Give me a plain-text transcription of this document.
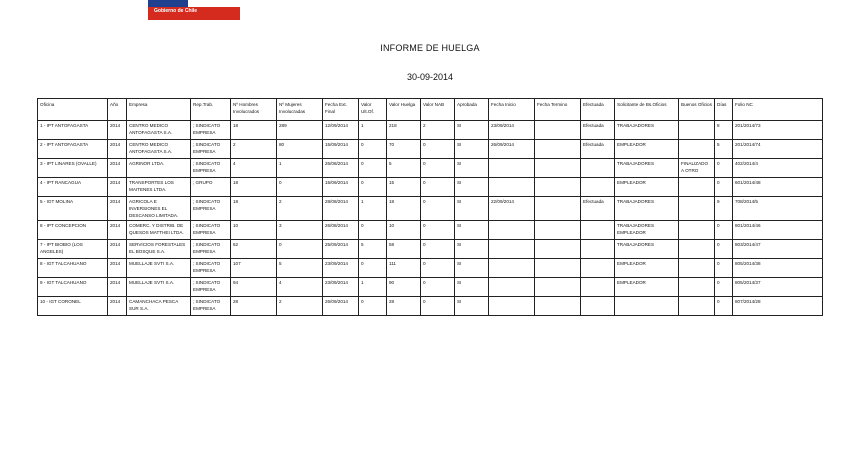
Gobierno de Chile
INFORME DE HUELGA
30-09-2014
Oficina	Año	Empresa	Rep.Trab.	Nº Hombres Involucrados	Nº Mujeres Involucradas	Fecha Ext. Final	Valor Ult.Of.	Valor Huelga	Valor NAB	Aprobada	Fecha Inicio	Fecha Termino	Efectuada	Solicitante de Bs.Oficios	Buenos Oficios	Días	Folio NC
1 - IPT ANTOFAGASTA	2014	CENTRO MEDICO ANTOFAGASTA S.A.	; SINDICATO EMPRESA	18	289	12/09/2014	1	218	2	SI	23/09/2014		Efectuada	TRABAJADORES		8	201/2014/73
2 - IPT ANTOFAGASTA	2014	CENTRO MEDICO ANTOFAGASTA S.A.	; SINDICATO EMPRESA	2	80	15/09/2014	0	70	0	SI	26/09/2014		Efectuada	EMPLEADOR		5	201/2014/74
3 - IPT LINARES (OVALLE)	2014	AGRINOR LTDA.	; SINDICATO EMPRESA	4	1	26/08/2014	0	5	0	SI				TRABAJADORES	FINALIZADO A OTRO	0	402/2014/4
4 - IPT RANCAGUA	2014	TRANSPORTES LOS MAITENES LTDA.	; GRUPO	18	0	15/09/2014	0	15	0	SI				EMPLEADOR		0	601/2014/48
5 - IGT MOLINA	2014	AGRICOLA E INVERSIONES EL DESCANSO LIMITADA.	; SINDICATO EMPRESA	18	2	28/08/2014	1	18	0	SI	22/09/2014		Efectuada	TRABAJADORES		9	708/2014/5
8 - IPT CONCEPCION	2014	COMERC. Y DISTRIB. DE QUESOS MATTHEI LTDA.	; SINDICATO EMPRESA	10	3	26/08/2014	0	10	0	SI				TRABAJADORES EMPLEADOR		0	801/2014/46
7 - IPT BIOBIO (LOS ANGELES)	2014	SERVICIOS FORESTALES EL BOSQUE S.A.	; SINDICATO EMPRESA	62	0	25/09/2014	5	58	0	SI				TRABAJADORES		0	803/2014/47
8 - IGT TALCAHUANO	2014	MUELLAJE SVTI S.A.	; SINDICATO EMPRESA	107	5	23/09/2014	0	111	0	SI				EMPLEADOR		0	805/2014/38
9 - IGT TALCAHUANO	2014	MUELLAJE SVTI S.A.	; SINDICATO EMPRESA	94	4	23/09/2014	1	90	0	SI				EMPLEADOR		0	805/2014/37
10 - IGT CORONEL	2014	CAMANCHACA PESCA SUR S.A.	; SINDICATO EMPRESA	28	2	26/09/2014	0	28	0	SI						0	807/2014/28
